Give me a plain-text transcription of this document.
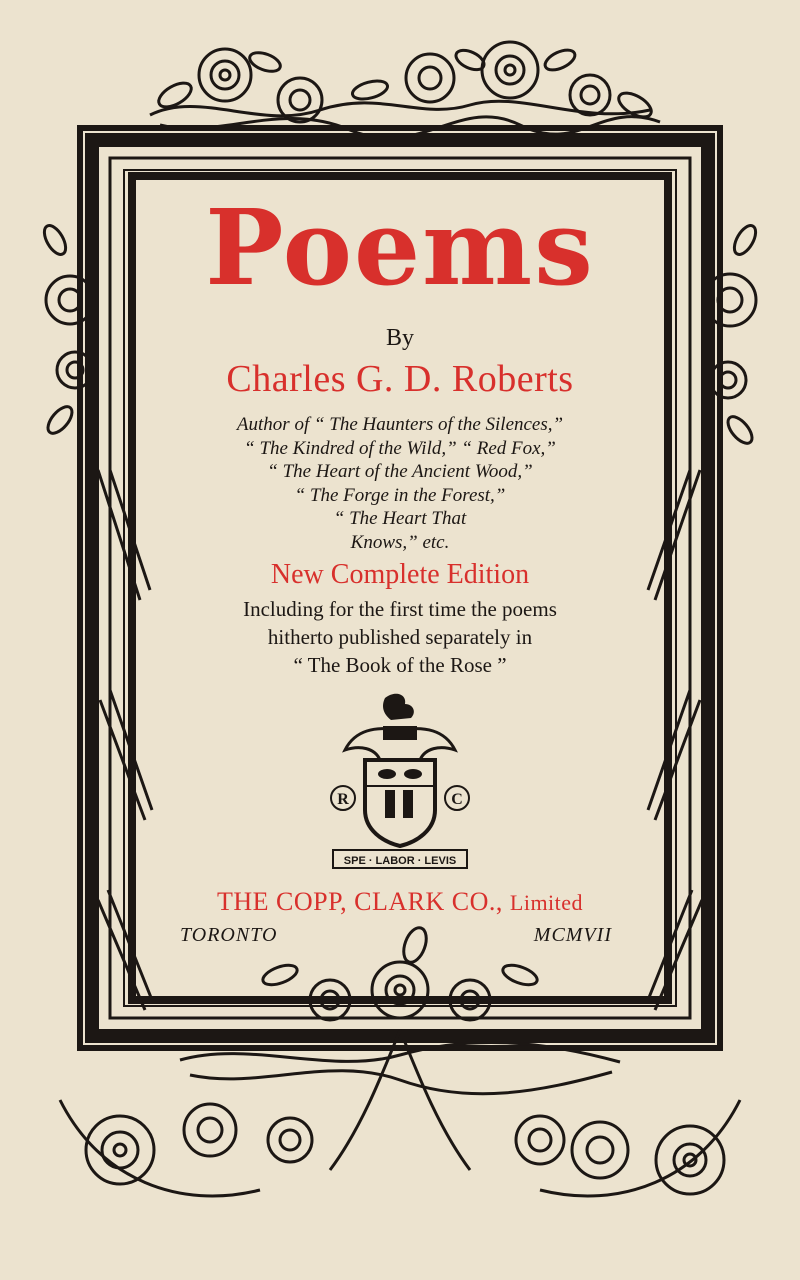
Poems
By
Charles G. D. Roberts
Author of “ The Haunters of the Silences,”
“ The Kindred of the Wild,” “ Red Fox,”
“ The Heart of the Ancient Wood,”
“ The Forge in the Forest,”
“ The Heart That
Knows,” etc.
New Complete Edition
Including for the first time the poems
hitherto published separately in
“ The Book of the Rose ”
R	C
SPE · LABOR · LEVIS
THE COPP, CLARK CO., Limited
TORONTO	MCMVII
